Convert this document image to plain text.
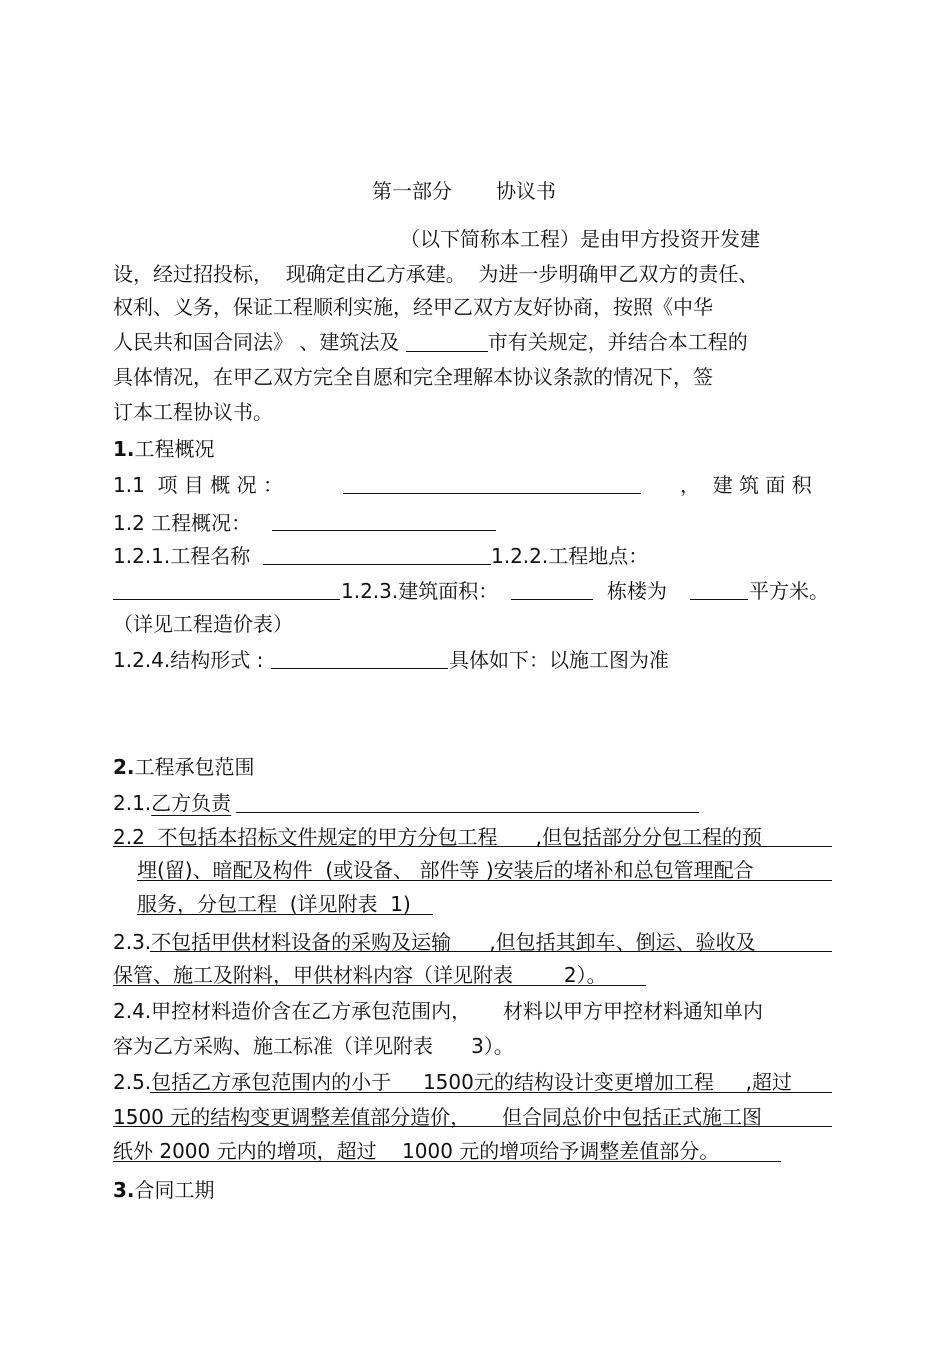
第一部分 协议书
（以下简称本工程）是由甲方投资开发建
设，经过招投标，  现确定由乙方承建。  为进一步明确甲乙双方的责任、
权利、义务，保证工程顺利实施，经甲乙双方友好协商，按照《中华
人民共和国合同法》 、建筑法及	市有关规定，并结合本工程的
具体情况，在甲乙双方完全自愿和完全理解本协议条款的情况下，签
订本工程协议书。
1.工程概况
1.1  项 目 概 况 ：	，  建 筑 面 积
1.2 工程概况：
1.2.1.工程名称	1.2.2.工程地点：
1.2.3.建筑面积：	栋楼为	平方米。
（详见工程造价表）
1.2.4.结构形式 :	具体如下：以施工图为准
2.工程承包范围
2.1.乙方负责
2.2  不包括本招标文件规定的甲方分包工程      ,但包括部分分包工程的预
埋(留)、暗配及构件  (或设备、 部件等 )安装后的堵补和总包管理配合
服务，分包工程  (详见附表  1)
2.3.不包括甲供材料设备的采购及运输      ,但包括其卸车、倒运、验收及
保管、施工及附料，甲供材料内容（详见附表        2）。
2.4.甲控材料造价含在乙方承包范围内，     材料以甲方甲控材料通知单内
容为乙方采购、施工标准（详见附表      3）。
2.5.包括乙方承包范围内的小于     1500元的结构设计变更增加工程     ,超过
1500 元的结构变更调整差值部分造价，     但合同总价中包括正式施工图
纸外 2000 元内的增项，超过    1000 元的增项给予调整差值部分。
3.合同工期
